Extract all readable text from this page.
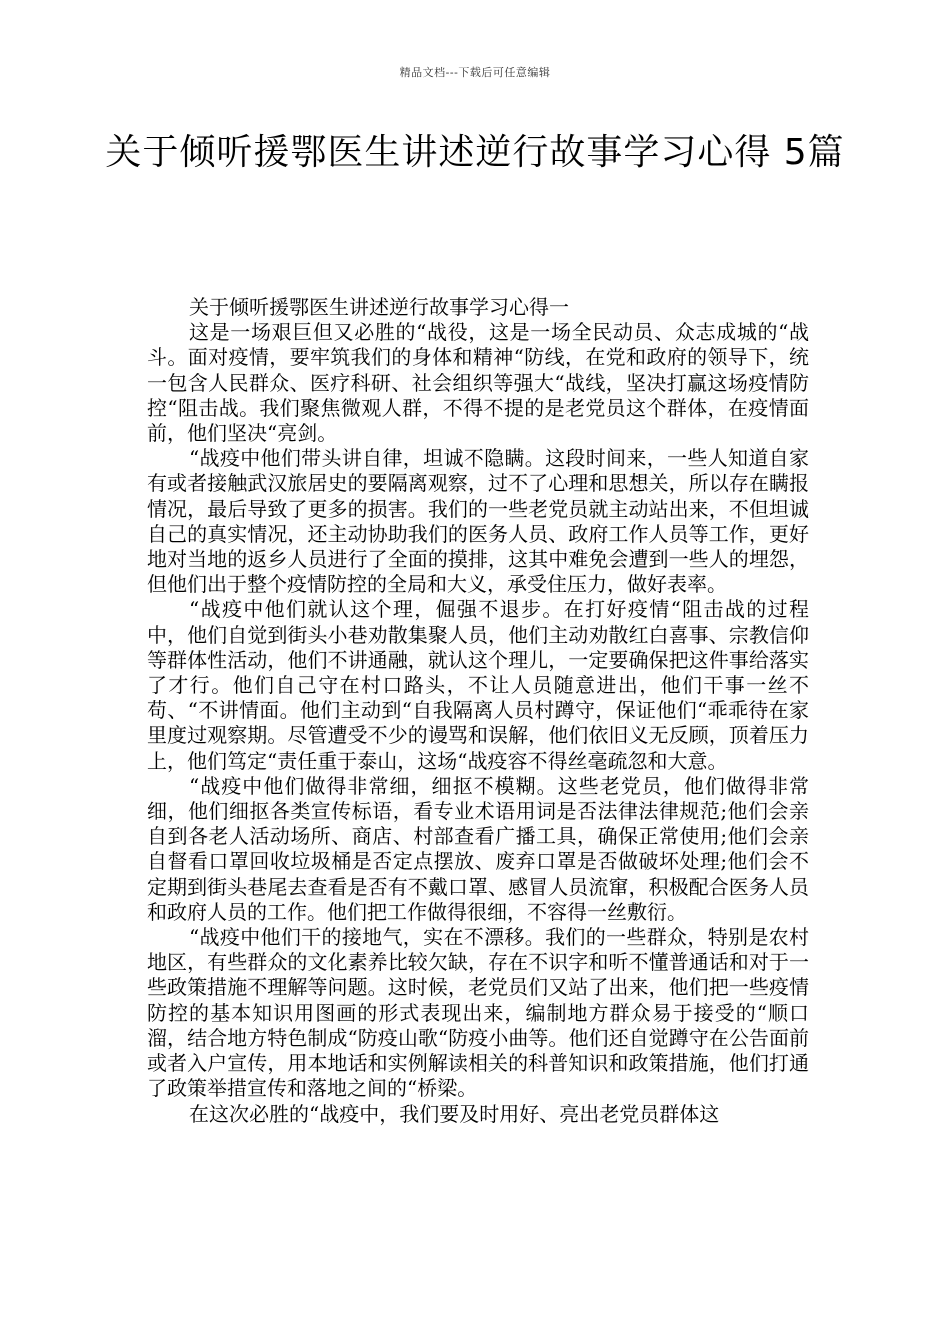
精品文档---下载后可任意编辑
关于倾听援鄂医生讲述逆行故事学习心得 5篇

关于倾听援鄂医生讲述逆行故事学习心得一

这是一场艰巨但又必胜的“战役，这是一场全民动员、众志成城的“战斗。面对疫情，要牢筑我们的身体和精神“防线，在党和政府的领导下，统一包含人民群众、医疗科研、社会组织等强大“战线，坚决打赢这场疫情防控“阻击战。我们聚焦微观人群，不得不提的是老党员这个群体，在疫情面前，他们坚决“亮剑。

“战疫中他们带头讲自律，坦诚不隐瞒。这段时间来，一些人知道自家有或者接触武汉旅居史的要隔离观察，过不了心理和思想关，所以存在瞒报情况，最后导致了更多的损害。我们的一些老党员就主动站出来，不但坦诚自己的真实情况，还主动协助我们的医务人员、政府工作人员等工作，更好地对当地的返乡人员进行了全面的摸排，这其中难免会遭到一些人的埋怨，但他们出于整个疫情防控的全局和大义，承受住压力，做好表率。

“战疫中他们就认这个理，倔强不退步。在打好疫情“阻击战的过程中，他们自觉到街头小巷劝散集聚人员，他们主动劝散红白喜事、宗教信仰等群体性活动，他们不讲通融，就认这个理儿，一定要确保把这件事给落实了才行。他们自己守在村口路头，不让人员随意进出，他们干事一丝不苟、“不讲情面。他们主动到“自我隔离人员村蹲守，保证他们“乖乖待在家里度过观察期。尽管遭受不少的谩骂和误解，他们依旧义无反顾，顶着压力上，他们笃定“责任重于泰山，这场“战疫容不得丝毫疏忽和大意。

“战疫中他们做得非常细，细抠不模糊。这些老党员，他们做得非常细，他们细抠各类宣传标语，看专业术语用词是否法律法律规范;他们会亲自到各老人活动场所、商店、村部查看广播工具，确保正常使用;他们会亲自督看口罩回收垃圾桶是否定点摆放、废弃口罩是否做破坏处理;他们会不定期到街头巷尾去查看是否有不戴口罩、感冒人员流窜，积极配合医务人员和政府人员的工作。他们把工作做得很细，不容得一丝敷衍。

“战疫中他们干的接地气，实在不漂移。我们的一些群众，特别是农村地区，有些群众的文化素养比较欠缺，存在不识字和听不懂普通话和对于一些政策措施不理解等问题。这时候，老党员们又站了出来，他们把一些疫情防控的基本知识用图画的形式表现出来，编制地方群众易于接受的“顺口溜，结合地方特色制成“防疫山歌“防疫小曲等。他们还自觉蹲守在公告面前或者入户宣传，用本地话和实例解读相关的科普知识和政策措施，他们打通了政策举措宣传和落地之间的“桥梁。

在这次必胜的“战疫中，我们要及时用好、亮出老党员群体这
